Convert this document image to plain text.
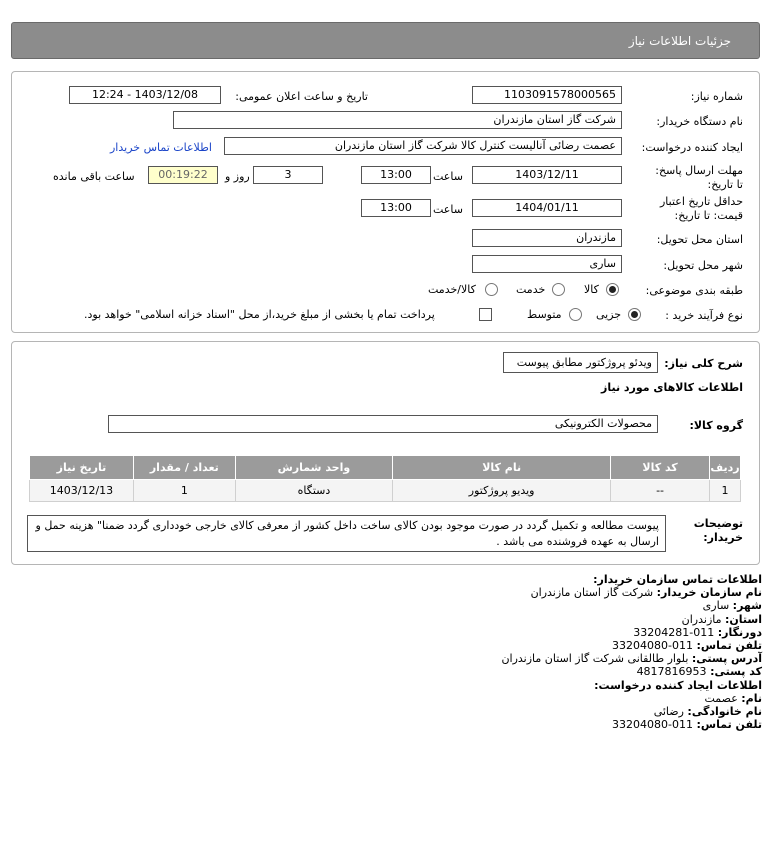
جزئيات اطلاعات نياز
شماره نياز:
1103091578000565
تاریخ و ساعت اعلان عمومی:
1403/12/08 - 12:24
نام دستگاه خريدار:
شرکت گاز استان مازندران
ايجاد کننده درخواست:
عصمت رضائی آنالیست کنترل کالا شرکت گاز استان مازندران
اطلاعات تماس خریدار
مهلت ارسال پاسخ: تا تاریخ:
1403/12/11
ساعت
13:00
3
روز و
00:19:22
ساعت باقی مانده
حداقل تاريخ اعتبار قيمت: تا تاريخ:
1404/01/11
ساعت
13:00
استان محل تحويل:
مازندران
شهر محل تحويل:
ساری
طبقه بندی موضوعی:
کالا
خدمت
کالا/خدمت
نوع فرآيند خريد :
جزيی
متوسط
پرداخت تمام يا بخشی از مبلغ خريد،از محل "اسناد خزانه اسلامی" خواهد بود.
شرح کلی نياز:
ویدئو پروژکتور مطابق پیوست
اطلاعات کالاهای مورد نياز
گروه کالا:
محصولات الکترونیکی
رديف	کد کالا	نام کالا	واحد شمارش	تعداد / مقدار	تاريخ نياز
1	--	ویدیو پروژکتور	دستگاه	1	1403/12/13
توضيحات خريدار:
پیوست مطالعه و تکمیل گردد در صورت موجود بودن کالای ساخت داخل کشور از معرفی کالای خارجی خودداری گردد ضمنا" هزینه حمل و ارسال به عهده فروشنده می باشد .
اطلاعات تماس سازمان خريدار:
نام سازمان خريدار: شرکت گاز استان مازندران
شهر: ساری
استان: مازندران
دورنگار: 011-33204281
تلفن تماس: 011-33204080
آدرس پستی: بلوار طالقانی شرکت گاز استان مازندران
کد پستی: 4817816953
اطلاعات ايجاد کننده درخواست:
نام: عصمت
نام خانوادگی: رضائی
تلفن تماس: 011-33204080
